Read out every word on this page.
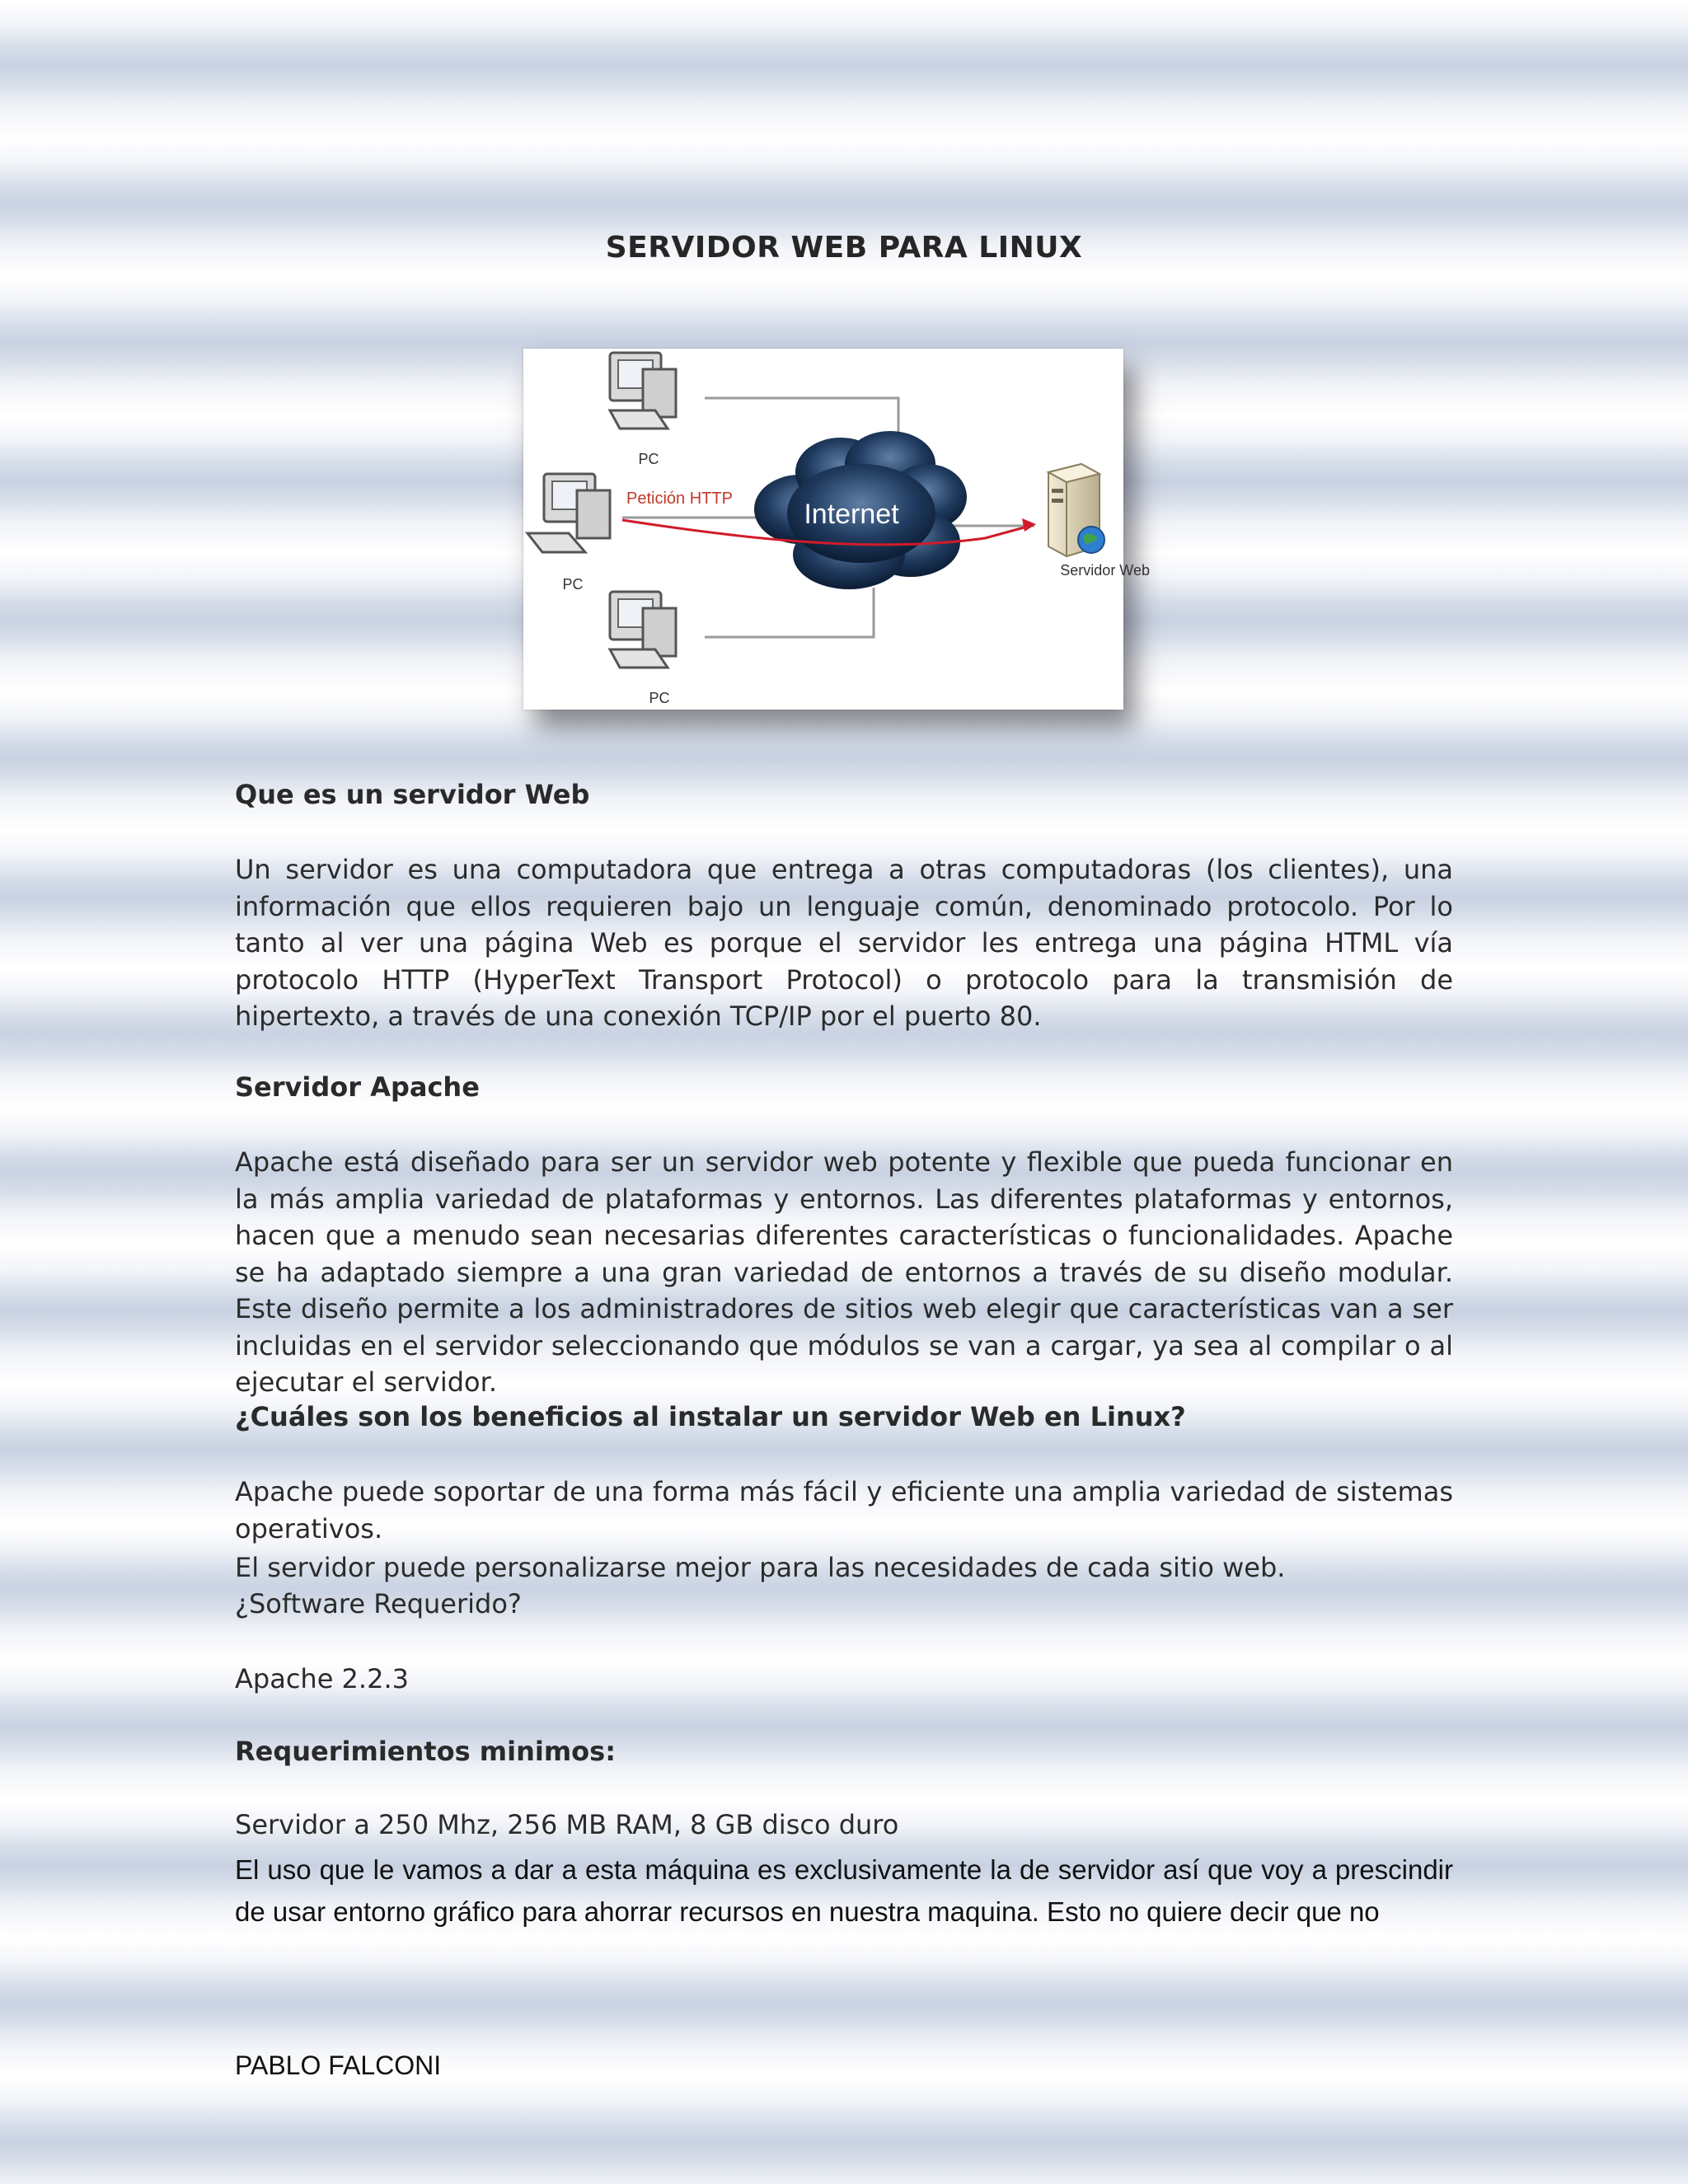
SERVIDOR WEB PARA LINUX
PC
PC
PC
Internet
Petición HTTP
Servidor Web
Que es un servidor Web
Un servidor es una computadora que entrega a otras computadoras (los clientes), una información que ellos requieren bajo un lenguaje común, denominado protocolo. Por lo tanto al ver una página Web es porque el servidor les entrega una página HTML vía protocolo HTTP (HyperText Transport Protocol) o protocolo para la transmisión de hipertexto, a través de una conexión TCP/IP por el puerto 80.
Servidor Apache
Apache está diseñado para ser un servidor web potente y flexible que pueda funcionar en la más amplia variedad de plataformas y entornos. Las diferentes plataformas y entornos, hacen que a menudo sean necesarias diferentes características o funcionalidades. Apache se ha adaptado siempre a una gran variedad de entornos a través de su diseño modular. Este diseño permite a los administradores de sitios web elegir que características van a ser incluidas en el servidor seleccionando que módulos se van a cargar, ya sea al compilar o al ejecutar el servidor.
¿Cuáles son los beneficios al instalar un servidor Web en Linux?
Apache puede soportar de una forma más fácil y eficiente una amplia variedad de sistemas operativos.
El servidor puede personalizarse mejor para las necesidades de cada sitio web.
¿Software Requerido?
Apache 2.2.3
Requerimientos minimos:
Servidor a 250 Mhz, 256 MB RAM, 8 GB disco duro
El uso que le vamos a dar a esta máquina es exclusivamente la de servidor así que voy a prescindir de usar entorno gráfico para ahorrar recursos en nuestra maquina. Esto no quiere decir que no
PABLO FALCONI
